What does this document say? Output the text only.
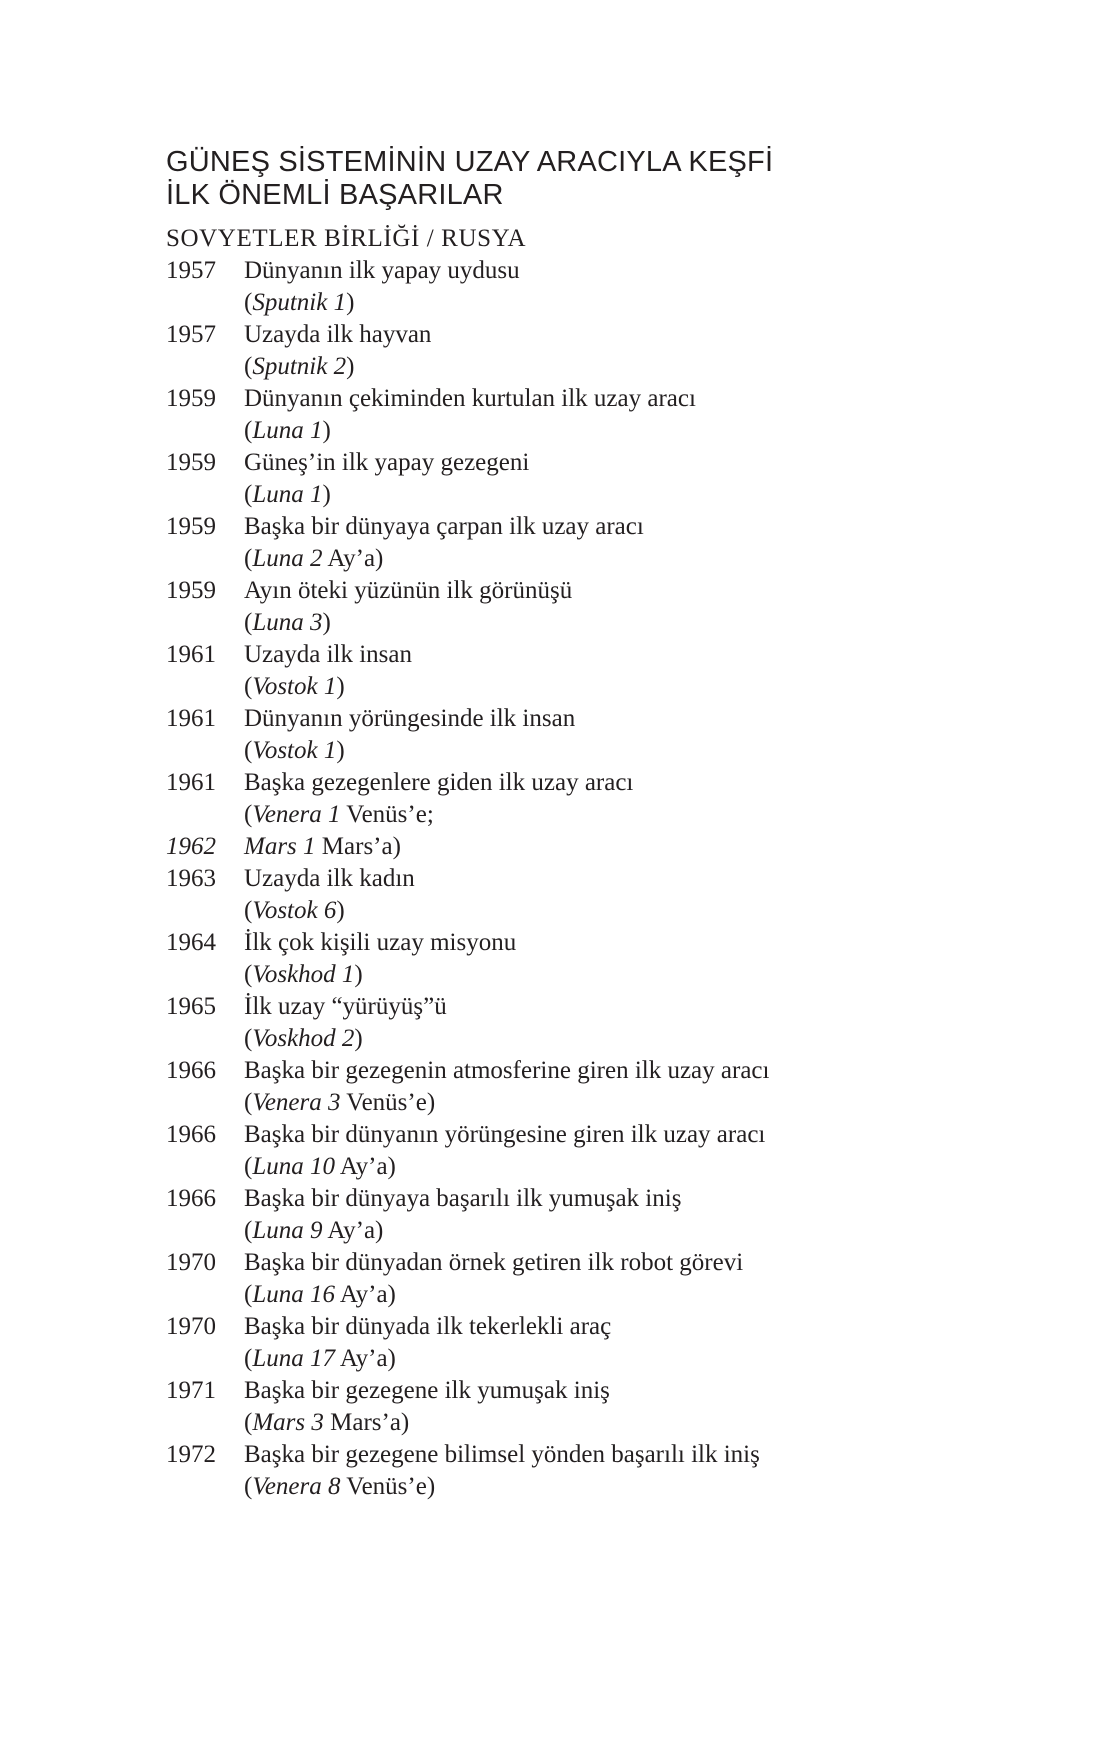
GÜNEŞ SİSTEMİNİN UZAY ARACIYLA KEŞFİ
İLK ÖNEMLİ BAŞARILAR
SOVYETLER BİRLİĞİ / RUSYA
1957	Dünyanın ilk yapay uydusu
(Sputnik 1)
1957	Uzayda ilk hayvan
(Sputnik 2)
1959	Dünyanın çekiminden kurtulan ilk uzay aracı
(Luna 1)
1959	Güneş’in ilk yapay gezegeni
(Luna 1)
1959	Başka bir dünyaya çarpan ilk uzay aracı
(Luna 2 Ay’a)
1959	Ayın öteki yüzünün ilk görünüşü
(Luna 3)
1961	Uzayda ilk insan
(Vostok 1)
1961	Dünyanın yörüngesinde ilk insan
(Vostok 1)
1961	Başka gezegenlere giden ilk uzay aracı
(Venera 1 Venüs’e;
1962	Mars 1 Mars’a)
1963	Uzayda ilk kadın
(Vostok 6)
1964	İlk çok kişili uzay misyonu
(Voskhod 1)
1965	İlk uzay “yürüyüş”ü
(Voskhod 2)
1966	Başka bir gezegenin atmosferine giren ilk uzay aracı
(Venera 3 Venüs’e)
1966	Başka bir dünyanın yörüngesine giren ilk uzay aracı
(Luna 10 Ay’a)
1966	Başka bir dünyaya başarılı ilk yumuşak iniş
(Luna 9 Ay’a)
1970	Başka bir dünyadan örnek getiren ilk robot görevi
(Luna 16 Ay’a)
1970	Başka bir dünyada ilk tekerlekli araç
(Luna 17 Ay’a)
1971	Başka bir gezegene ilk yumuşak iniş
(Mars 3 Mars’a)
1972	Başka bir gezegene bilimsel yönden başarılı ilk iniş
(Venera 8 Venüs’e)
